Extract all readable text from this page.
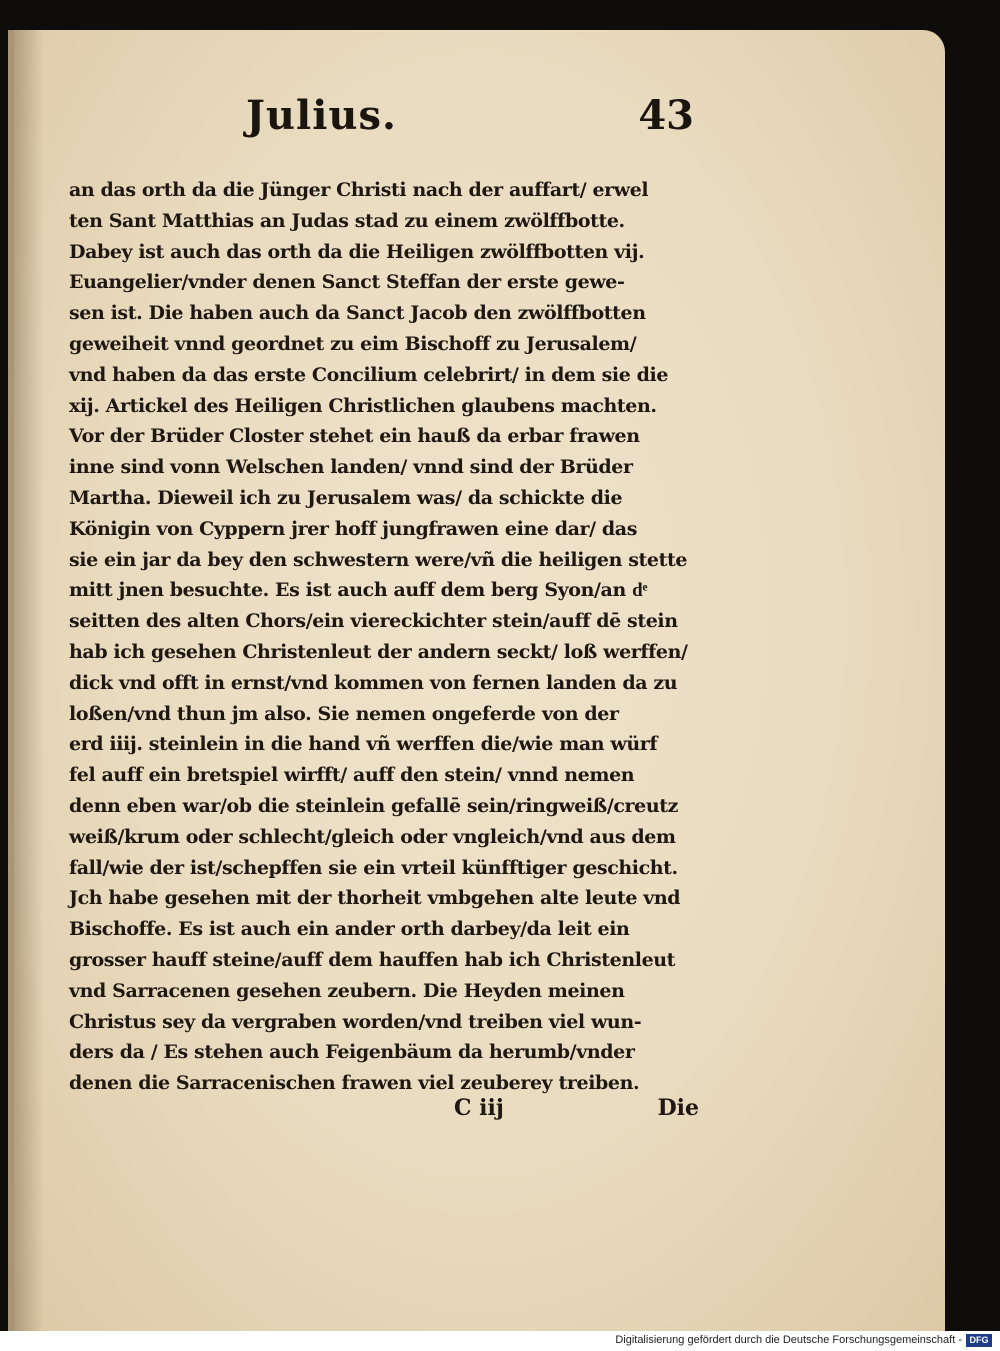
Julius.	43
an das orth da die Jünger Christi nach der auffart/ erwel
ten Sant Matthias an Judas stad zu einem zwölffbotte.
Dabey ist auch das orth da die Heiligen zwölffbotten vij.
Euangelier/vnder denen Sanct Steffan der erste gewe-
sen ist. Die haben auch da Sanct Jacob den zwölffbotten
geweiheit vnnd geordnet zu eim Bischoff zu Jerusalem/
vnd haben da das erste Concilium celebrirt/ in dem sie die
xij. Artickel des Heiligen Christlichen glaubens machten.
Vor der Brüder Closter stehet ein hauß da erbar frawen
inne sind vonn Welschen landen/ vnnd sind der Brüder
Martha. Dieweil ich zu Jerusalem was/ da schickte die
Königin von Cyppern jrer hoff jungfrawen eine dar/ das
sie ein jar da bey den schwestern were/vñ die heiligen stette
mitt jnen besuchte. Es ist auch auff dem berg Syon/an dͤ
seitten des alten Chors/ein viereckichter stein/auff dē stein
hab ich gesehen Christenleut der andern seckt/ loß werffen/
dick vnd offt in ernst/vnd kommen von fernen landen da zu
loßen/vnd thun jm also. Sie nemen ongeferde von der
erd iiij. steinlein in die hand vñ werffen die/wie man würf
fel auff ein bretspiel wirfft/ auff den stein/ vnnd nemen
denn eben war/ob die steinlein gefallē sein/ringweiß/creutz
weiß/krum oder schlecht/gleich oder vngleich/vnd aus dem
fall/wie der ist/schepffen sie ein vrteil künfftiger geschicht.
Jch habe gesehen mit der thorheit vmbgehen alte leute vnd
Bischoffe. Es ist auch ein ander orth darbey/da leit ein
grosser hauff steine/auff dem hauffen hab ich Christenleut
vnd Sarracenen gesehen zeubern. Die Heyden meinen
Christus sey da vergraben worden/vnd treiben viel wun-
ders da / Es stehen auch Feigenbäum da herumb/vnder
denen die Sarracenischen frawen viel zeuberey treiben.
C iij	Die
Digitalisierung gefördert durch die Deutsche Forschungsgemeinschaft - DFG
